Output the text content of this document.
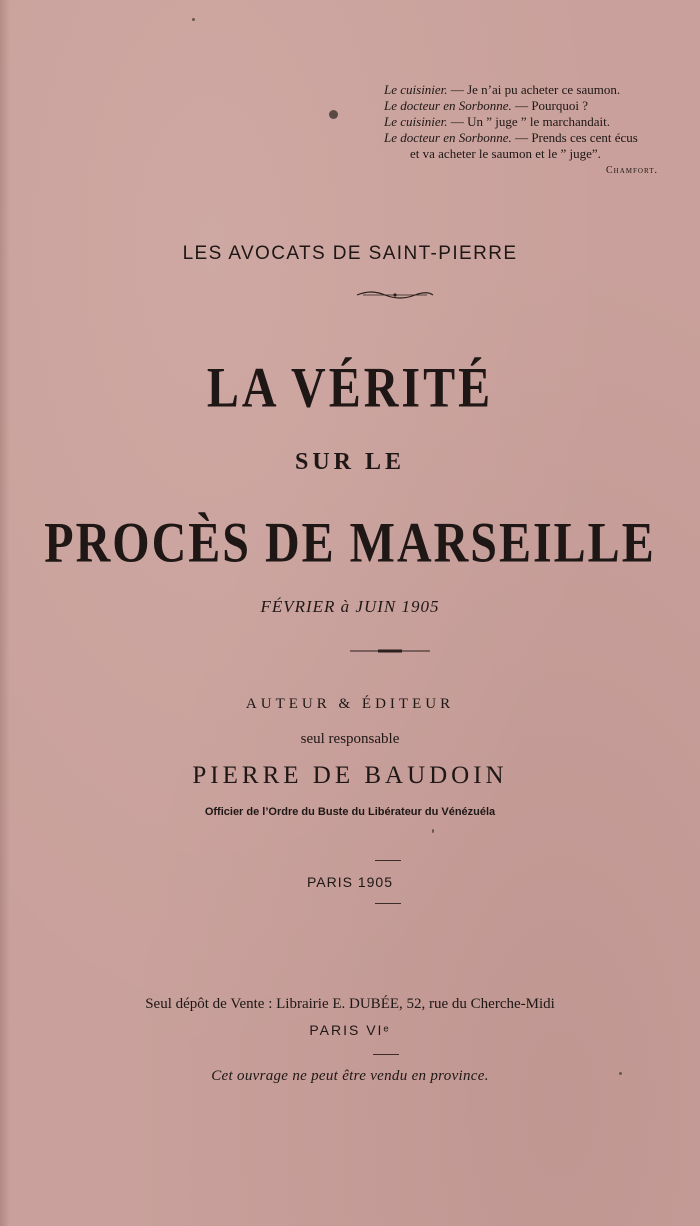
Le cuisinier. — Je n’ai pu acheter ce saumon.
Le docteur en Sorbonne. — Pourquoi ?
Le cuisinier. — Un ” juge ” le marchandait.
Le docteur en Sorbonne. — Prends ces cent écus
et va acheter le saumon et le ” juge”.
Chamfort.
LES AVOCATS DE SAINT-PIERRE
LA VÉRITÉ
SUR LE
PROCÈS DE MARSEILLE
FÉVRIER à JUIN 1905
AUTEUR & ÉDITEUR
seul responsable
PIERRE DE BAUDOIN
Officier de l’Ordre du Buste du Libérateur du Vénézuéla
PARIS 1905
Seul dépôt de Vente : Librairie E. DUBÉE, 52, rue du Cherche-Midi
PARIS VIᵉ
Cet ouvrage ne peut être vendu en province.
